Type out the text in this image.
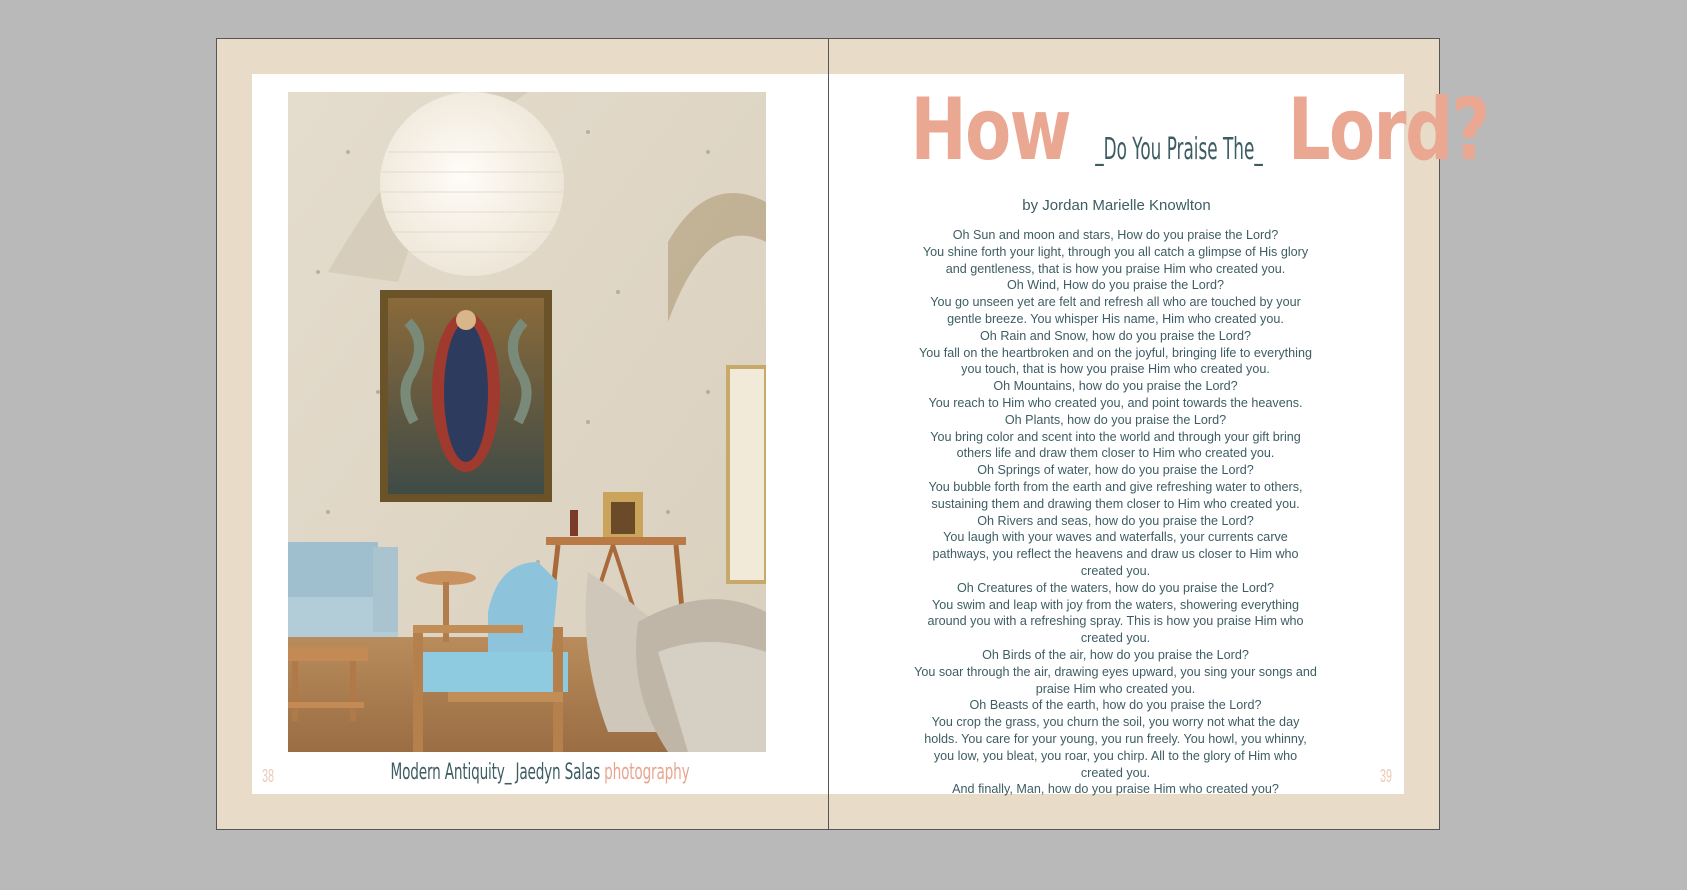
Modern Antiquity_ Jaedyn Salas photography
38
How _Do You Praise The_ Lord?
by Jordan Marielle Knowlton

Oh Sun and moon and stars, How do you praise the Lord?

You shine forth your light, through you all catch a glimpse of His glory

and gentleness, that is how you praise Him who created you.

Oh Wind, How do you praise the Lord?

You go unseen yet are felt and refresh all who are touched by your

gentle breeze. You whisper His name, Him who created you.

Oh Rain and Snow, how do you praise the Lord?

You fall on the heartbroken and on the joyful, bringing life to everything

you touch, that is how you praise Him who created you.

Oh Mountains, how do you praise the Lord?

You reach to Him who created you, and point towards the heavens.

Oh Plants, how do you praise the Lord?

You bring color and scent into the world and through your gift bring

others life and draw them closer to Him who created you.

Oh Springs of water, how do you praise the Lord?

You bubble forth from the earth and give refreshing water to others,

sustaining them and drawing them closer to Him who created you.

Oh Rivers and seas, how do you praise the Lord?

You laugh with your waves and waterfalls, your currents carve

pathways, you reflect the heavens and draw us closer to Him who

created you.

Oh Creatures of the waters, how do you praise the Lord?

You swim and leap with joy from the waters, showering everything

around you with a refreshing spray. This is how you praise Him who

created you.

Oh Birds of the air, how do you praise the Lord?

You soar through the air, drawing eyes upward, you sing your songs and

praise Him who created you.

Oh Beasts of the earth, how do you praise the Lord?

You crop the grass, you churn the soil, you worry not what the day

holds. You care for your young, you run freely. You howl, you whinny,

you low, you bleat, you roar, you chirp. All to the glory of Him who

created you.

And finally, Man, how do you praise Him who created you?

39
